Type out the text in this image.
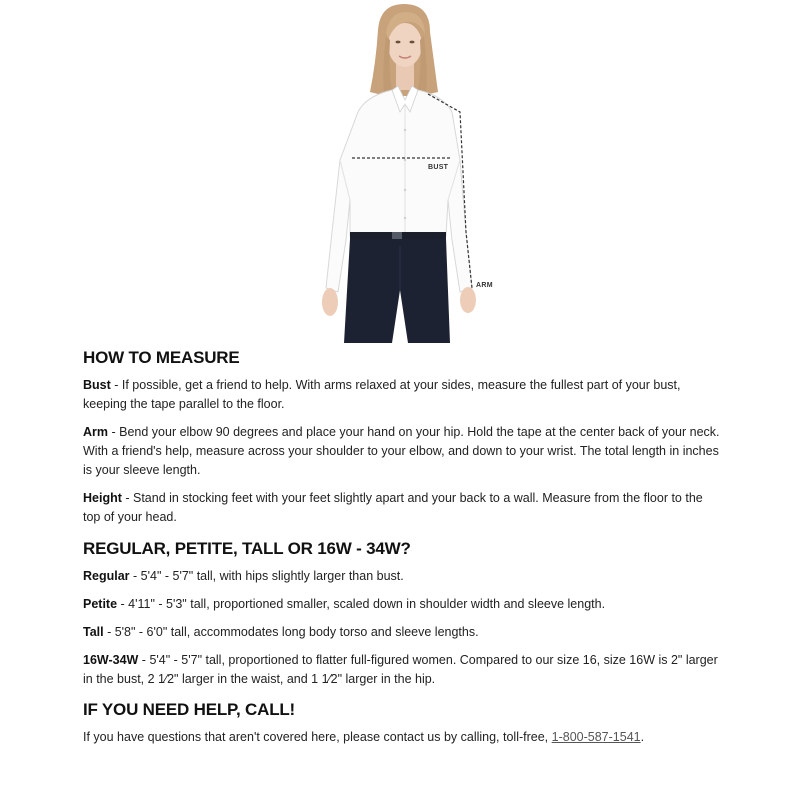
BUST
ARM
HOW TO MEASURE

Bust - If possible, get a friend to help. With arms relaxed at your sides, measure the fullest part of your bust, keeping the tape parallel to the floor.

Arm - Bend your elbow 90 degrees and place your hand on your hip. Hold the tape at the center back of your neck. With a friend's help, measure across your shoulder to your elbow, and down to your wrist. The total length in inches is your sleeve length.

Height - Stand in stocking feet with your feet slightly apart and your back to a wall. Measure from the floor to the top of your head.

REGULAR, PETITE, TALL OR 16W - 34W?

Regular - 5'4" - 5'7" tall, with hips slightly larger than bust.

Petite - 4'11" - 5'3" tall, proportioned smaller, scaled down in shoulder width and sleeve length.

Tall - 5'8" - 6'0" tall, accommodates long body torso and sleeve lengths.

16W-34W - 5'4" - 5'7" tall, proportioned to flatter full-figured women. Compared to our size 16, size 16W is 2" larger in the bust, 2 1⁄2" larger in the waist, and 1 1⁄2" larger in the hip.

IF YOU NEED HELP, CALL!

If you have questions that aren't covered here, please contact us by calling, toll-free, 1-800-587-1541.
